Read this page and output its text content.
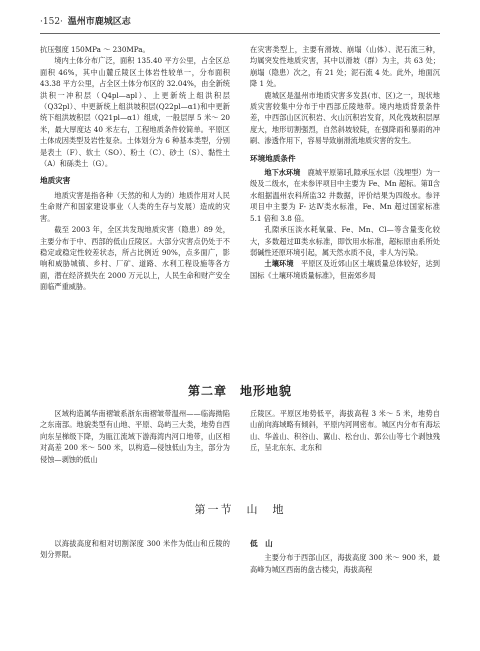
·152· 温州市鹿城区志

抗压强度 150MPa ～ 230MPa。

境内土体分布广泛，面积 135.40 平方公里，占全区总面积 46%，其中山麓丘陵区土体岩性较单一，分布面积 43.38 平方公里，占全区土体分布区的 32.04%，由全新统洪积一冲积层（Q4pl—apl）、上更新统上组洪积层（Q32pl）、中更新统上组洪坡积层(Q22pl—α1)和中更新统下组洪坡积层（Q21pl—α1）组成，一般层厚 5 米～ 20 米，最大厚度达 40 米左右，工程地质条件较简单。平原区土体成因类型及岩性复杂。土体划分为 6 种基本类型，分别是表土（F）、软土（SO）、粉土（C）、砂土（S）、黏性土（A）和砾类土（G）。

地质灾害

地质灾害是指各种（天然的和人为的）地质作用对人民生命财产和国家建设事业（人类的生存与发展）造成的灾害。

截至 2003 年，全区共发现地质灾害（隐患）89 处，主要分布于中、西部的低山丘陵区。大部分灾害点仍处于不稳定或稳定性较差状态，所占比例近 90%，点多面广，影响和威胁城镇、乡村、厂矿、道路、水利工程设施等各方面，潜在经济损失在 2000 万元以上，人民生命和财产安全面临严重威胁。

在灾害类型上，主要有滑坡、崩塌（山体）、泥石流三种，均属突发性地质灾害，其中以滑坡（群）为主，共 63 处；崩塌（隐患）次之，有 21 处；泥石流 4 处。此外，地面沉降 1 处。

鹿城区是温州市地质灾害多发县(市、区)之一，现状地质灾害较集中分布于中西部丘陵地带。境内地质背景条件差，中西部山区沉积岩、火山沉积岩发育，风化残坡积层厚度大，地形切割强烈，自然斜坡较陡，在强降雨和暴雨的冲刷、渗透作用下，容易导致崩滑流地质灾害的发生。

环境地质条件

地下水环境　 鹿城平原第Ⅰ孔隙承压水层（浅埋型）为一级及二级水，在未参评项目中主要为 Fe、Mn 超标。第Ⅱ含水组据温州农科所监32 井数据，评价结果为四级水。参评项目中主要为 F- 达Ⅳ类水标准，Fe、Mn 超过国家标准 5.1 倍和 3.8 倍。

孔隙承压淡水耗氧量、Fe、Mn、Cl—等含量变化较大，多数超过Ⅲ类水标准，即饮用水标准，超标原由系所处弱碱性还原环境引起，属天然水质不良，非人为污染。

土壤环境　 平原区及近郊山区土壤质量总体较好，达到国标《土壤环境质量标准》，但南郊乡局

第二章　地形地貌

区域构造属华南褶皱系浙东南褶皱带温州——临海拗陷之东南部。地貌类型有山地、平原、岛屿三大类，地势自西向东呈梯级下降，为瓯江流域下游海湾内河口地带，山区相对高差 200 米～ 500 米，以构造—侵蚀低山为主，部分为侵蚀—剥蚀的低山

丘陵区。平原区地势低平，海拔高程 3 米～ 5 米，地势自山前向海域略有倾斜，平原内河网密布。城区内分布有海坛山、华盖山、积谷山、翼山、松台山、郭公山等七个剥蚀残丘，呈北东东、北东和

第一节　山　地

以海拔高度和相对切割深度 300 米作为低山和丘陵的划分界限。

低　山

主要分布于西部山区，海拔高度 300 米～ 900 米，最高峰为城区西南的盘古楼尖，海拔高程
